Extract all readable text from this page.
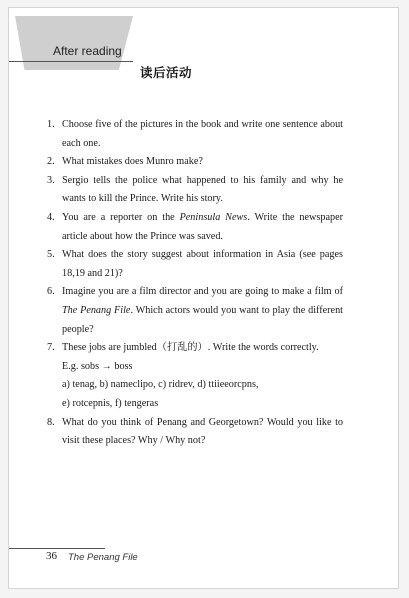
After reading
读后活动
1. Choose five of the pictures in the book and write one sentence about each one.
2. What mistakes does Munro make?
3. Sergio tells the police what happened to his family and why he wants to kill the Prince. Write his story.
4. You are a reporter on the Peninsula News. Write the newspaper article about how the Prince was saved.
5. What does the story suggest about information in Asia (see pages 18,19 and 21)?
6. Imagine you are a film director and you are going to make a film of The Penang File. Which actors would you want to play the different people?
7. These jobs are jumbled（打乱的）. Write the words correctly.
E.g. sobs → boss
a) tenag, b) nameclipo, c) ridrev, d) ttiieeorcpns,
e) rotcepnis, f) tengeras
8. What do you think of Penang and Georgetown? Would you like to visit these places? Why / Why not?
36 The Penang File
